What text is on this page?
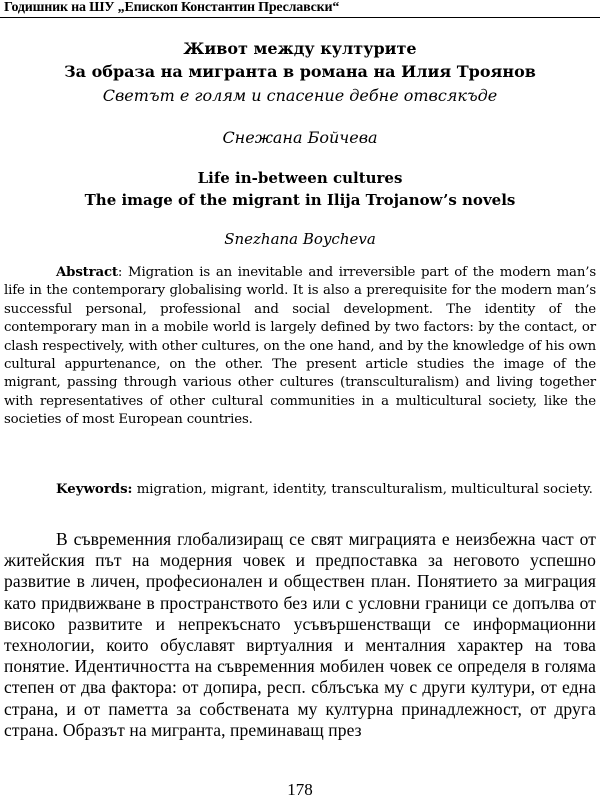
Годишник на ШУ „Епископ Константин Преславски“
Живот между културите
За образа на мигранта в романа на Илия Троянов
Светът е голям и спасение дебне отвсякъде
Снежана Бойчева
Life in-between cultures
The image of the migrant in Ilija Trojanow’s novels
Snezhana Boycheva

Abstract: Migration is an inevitable and irreversible part of the modern man’s life in the contemporary globalising world. It is also a prerequisite for the modern man’s successful personal, professional and social development. The identity of the contemporary man in a mobile world is largely defined by two factors: by the contact, or clash respectively, with other cultures, on the one hand, and by the knowledge of his own cultural appurtenance, on the other. The present article studies the image of the migrant, passing through various other cultures (transculturalism) and living together with representatives of other cultural communities in a multicultural society, like the societies of most European countries.

Keywords: migration, migrant, identity, transculturalism, multicultural society.

В съвременния глобализиращ се свят миграцията е неизбежна част от житейския път на модерния човек и предпоставка за неговото успешно развитие в личен, професионален и обществен план. Понятието за миграция като придвижване в пространството без или с условни граници се допълва от високо развитите и непрекъснато усъвършенстващи се информационни технологии, които обуславят виртуалния и менталния характер на това понятие. Идентичността на съвременния мобилен човек се определя в голяма степен от два фактора: от допира, респ. сблъсъка му с други култури, от една страна, и от паметта за собствената му културна принадлежност, от друга страна. Образът на мигранта, преминаващ през

178
